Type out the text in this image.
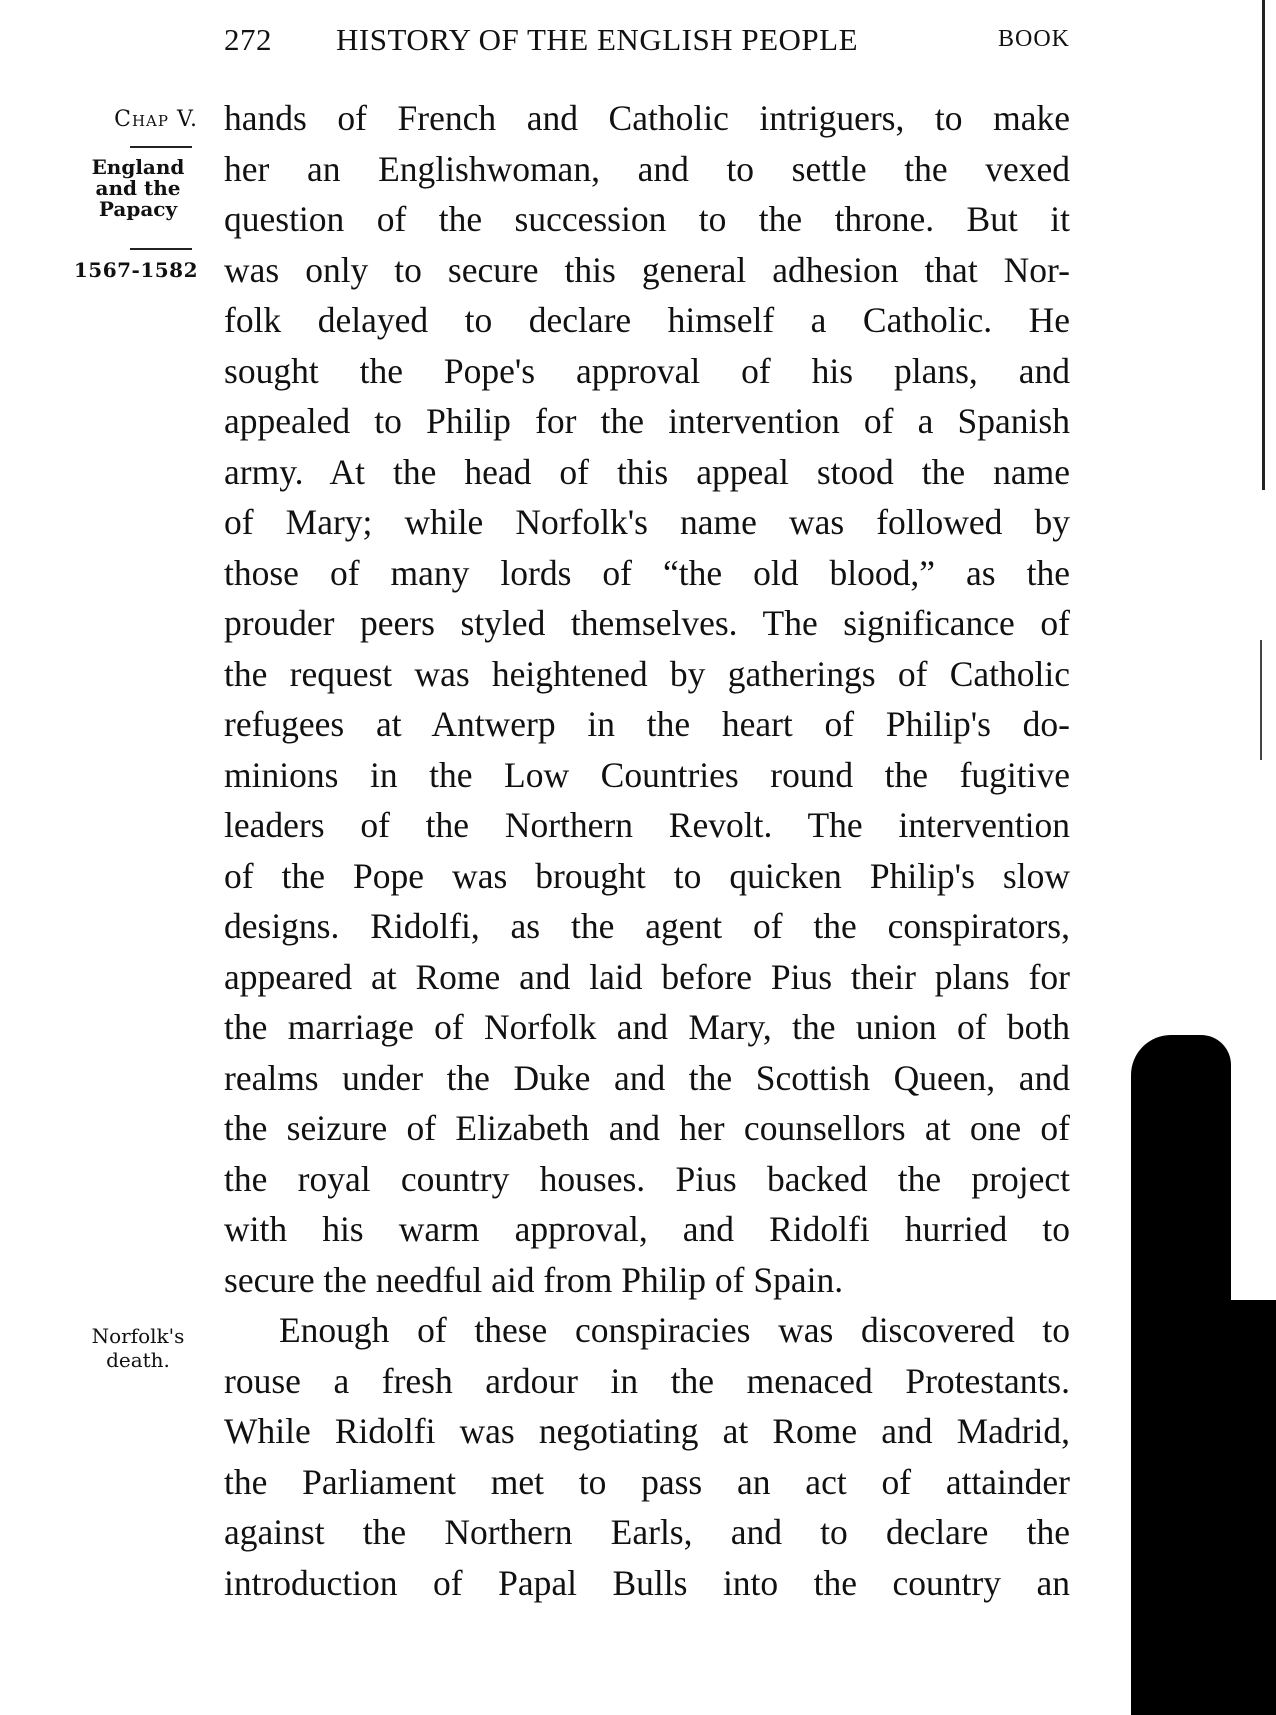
272 HISTORY OF THE ENGLISH PEOPLE	BOOK
Chap V.
England and the Papacy
1567-1582
Norfolk's death.
hands of French and Catholic intriguers, to make
her an Englishwoman, and to settle the vexed
question of the succession to the throne. But it
was only to secure this general adhesion that Nor-
folk delayed to declare himself a Catholic. He
sought the Pope's approval of his plans, and
appealed to Philip for the intervention of a Spanish
army. At the head of this appeal stood the name
of Mary; while Norfolk's name was followed by
those of many lords of “the old blood,” as the
prouder peers styled themselves. The significance of
the request was heightened by gatherings of Catholic
refugees at Antwerp in the heart of Philip's do-
minions in the Low Countries round the fugitive
leaders of the Northern Revolt. The intervention
of the Pope was brought to quicken Philip's slow
designs. Ridolfi, as the agent of the conspirators,
appeared at Rome and laid before Pius their plans for
the marriage of Norfolk and Mary, the union of both
realms under the Duke and the Scottish Queen, and
the seizure of Elizabeth and her counsellors at one of
the royal country houses. Pius backed the project
with his warm approval, and Ridolfi hurried to
secure the needful aid from Philip of Spain.
Enough of these conspiracies was discovered to
rouse a fresh ardour in the menaced Protestants.
While Ridolfi was negotiating at Rome and Madrid,
the Parliament met to pass an act of attainder
against the Northern Earls, and to declare the
introduction of Papal Bulls into the country an
